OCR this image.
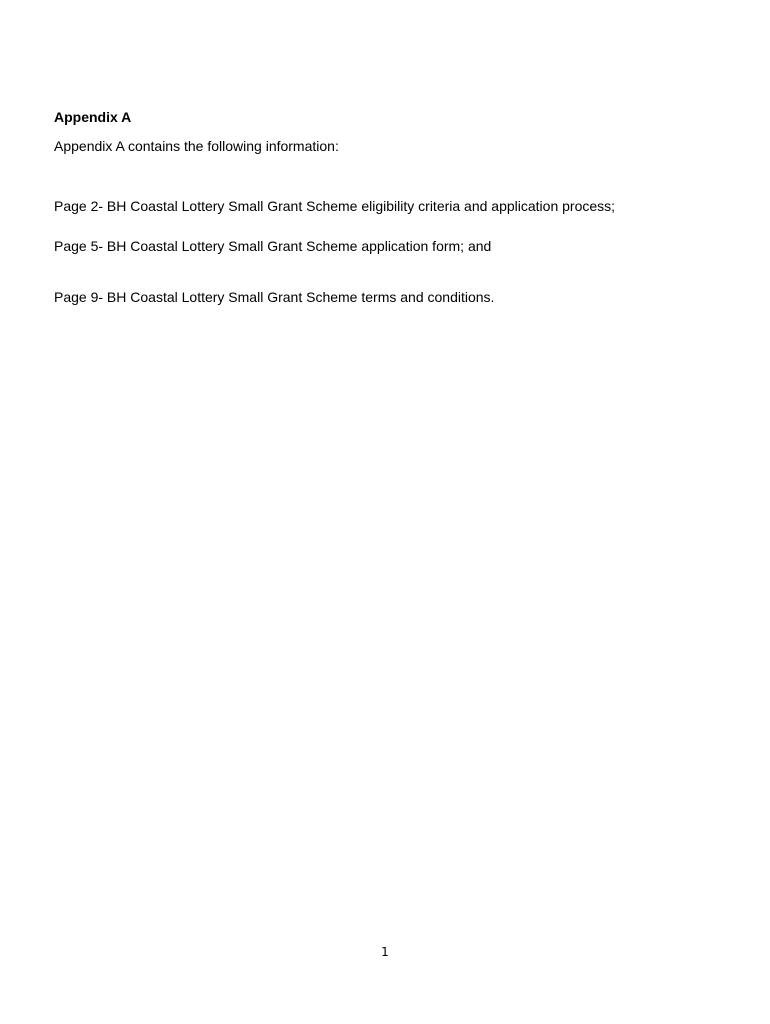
Appendix A
Appendix A contains the following information:
Page 2- BH Coastal Lottery Small Grant Scheme eligibility criteria and application process;
Page 5- BH Coastal Lottery Small Grant Scheme application form; and
Page 9- BH Coastal Lottery Small Grant Scheme terms and conditions.
1
